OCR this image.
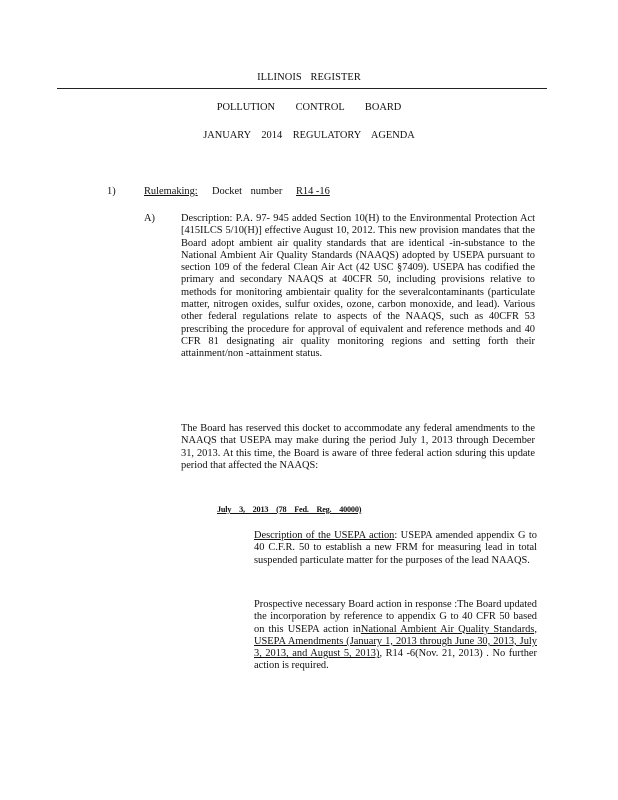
ILLINOIS REGISTER
POLLUTION CONTROL BOARD
JANUARY 2014 REGULATORY AGENDA
1)	Rulemaking: Docket number R14 -16
A)	Description: P.A. 97- 945 added Section 10(H) to the Environmental Protection Act [415ILCS 5/10(H)] effective August 10, 2012. This new provision mandates that the Board adopt ambient air quality standards that are identical -in-substance to the National Ambient Air Quality Standards (NAAQS) adopted by USEPA pursuant to section 109 of the federal Clean Air Act (42 USC §7409). USEPA has codified the primary and secondary NAAQS at 40CFR 50, including provisions relative to methods for monitoring ambientair quality for the severalcontaminants (particulate matter, nitrogen oxides, sulfur oxides, ozone, carbon monoxide, and lead). Various other federal regulations relate to aspects of the NAAQS, such as 40CFR 53 prescribing the procedure for approval of equivalent and reference methods and 40 CFR 81 designating air quality monitoring regions and setting forth their attainment/non -attainment status.
The Board has reserved this docket to accommodate any federal amendments to the NAAQS that USEPA may make during the period July 1, 2013 through December 31, 2013. At this time, the Board is aware of three federal action sduring this update period that affected the NAAQS:
July 3, 2013 (78 Fed. Reg. 40000)
Description of the USEPA action: USEPA amended appendix G to 40 C.F.R. 50 to establish a new FRM for measuring lead in total suspended particulate matter for the purposes of the lead NAAQS.
Prospective necessary Board action in response :The Board updated the incorporation by reference to appendix G to 40 CFR 50 based on this USEPA action inNational Ambient Air Quality Standards, USEPA Amendments (January 1, 2013 through June 30, 2013, July 3, 2013, and August 5, 2013), R14 -6(Nov. 21, 2013) . No further action is required.
